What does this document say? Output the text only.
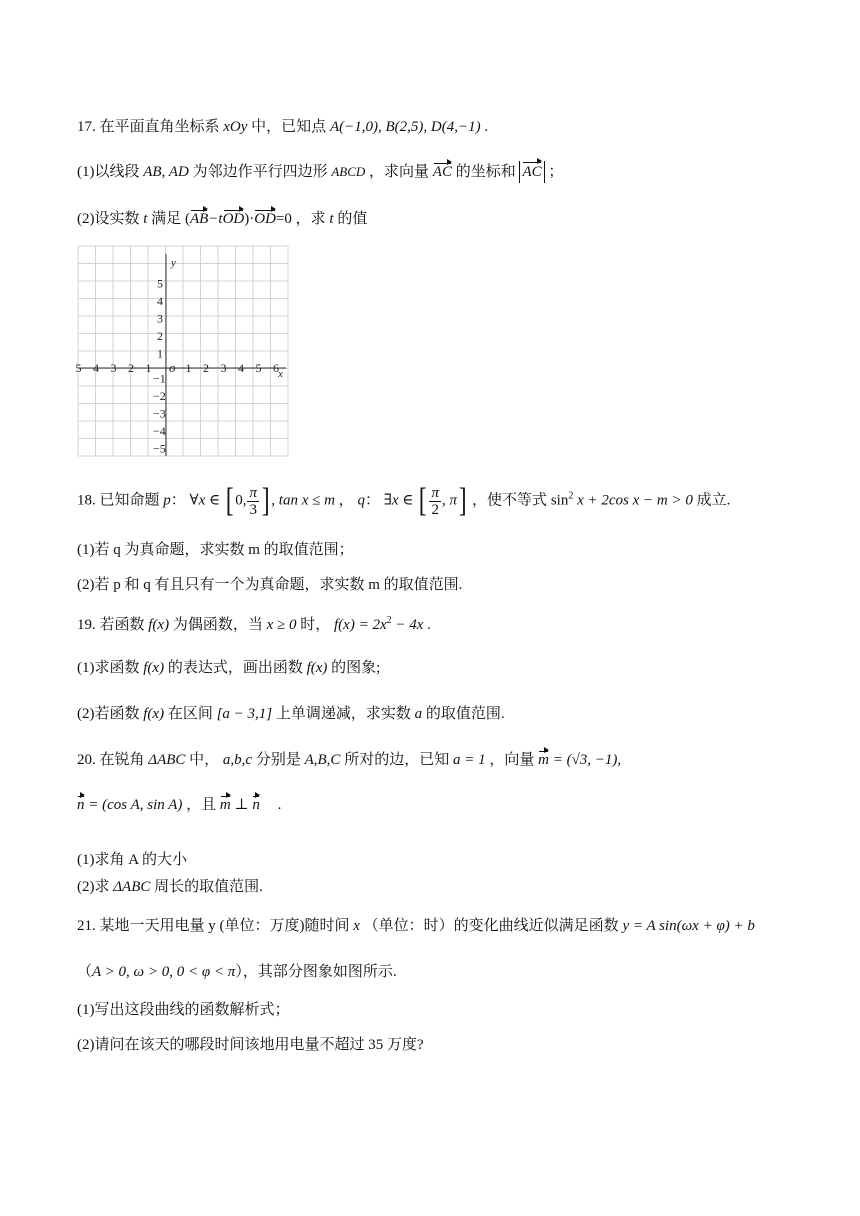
17. 在平面直角坐标系 xOy 中，已知点 A(−1,0), B(2,5), D(4,−1) .
(1)以线段 AB, AD 为邻边作平行四边形 ABCD ，求向量 AC 的坐标和 AC ；
(2)设实数 t 满足 (AB−tOD)·OD=0 ，求 t 的值
5
4
3
2
1
−1
−2
−3
−4
−5
5 4 3 2 1	1 2 3 4 5 6
y
x
o
18. 已知命题 p： ∀x ∈ [ 0, $\frac{\pi}{3}$ ] , tan x ≤ m ， q： ∃x ∈ [ $\frac{\pi}{2}$ , π] ，使不等式 $\sin^2 x + 2\cos$ x − m > 0 成立.
(1)若 q 为真命题，求实数 m 的取值范围；
(2)若 p 和 q 有且只有一个为真命题，求实数 m 的取值范围.
19. 若函数 f(x) 为偶函数，当 x ≥ 0 时， $f(x) = 2x^2 - 4x$ .
(1)求函数 f(x) 的表达式，画出函数 f(x) 的图象;
(2)若函数 f(x) 在区间 [a − 3,1] 上单调递减，求实数 a 的取值范围.
20. 在锐角 ΔABC 中， a,b,c 分别是 A,B,C 所对的边，已知 a = 1 ，向量 m = (√3, −1),
n = (cos A, sin A) ，且 m ⊥ n .
(1)求角 A 的大小
(2)求 ΔABC 周长的取值范围.
21. 某地一天用电量 y (单位：万度)随时间 x （单位：时）的变化曲线近似满足函数 y = A sin(ωx + φ) + b
（A > 0, ω > 0, 0 < φ < π），其部分图象如图所示.
(1)写出这段曲线的函数解析式；
(2)请问在该天的哪段时间该地用电量不超过 35 万度?
